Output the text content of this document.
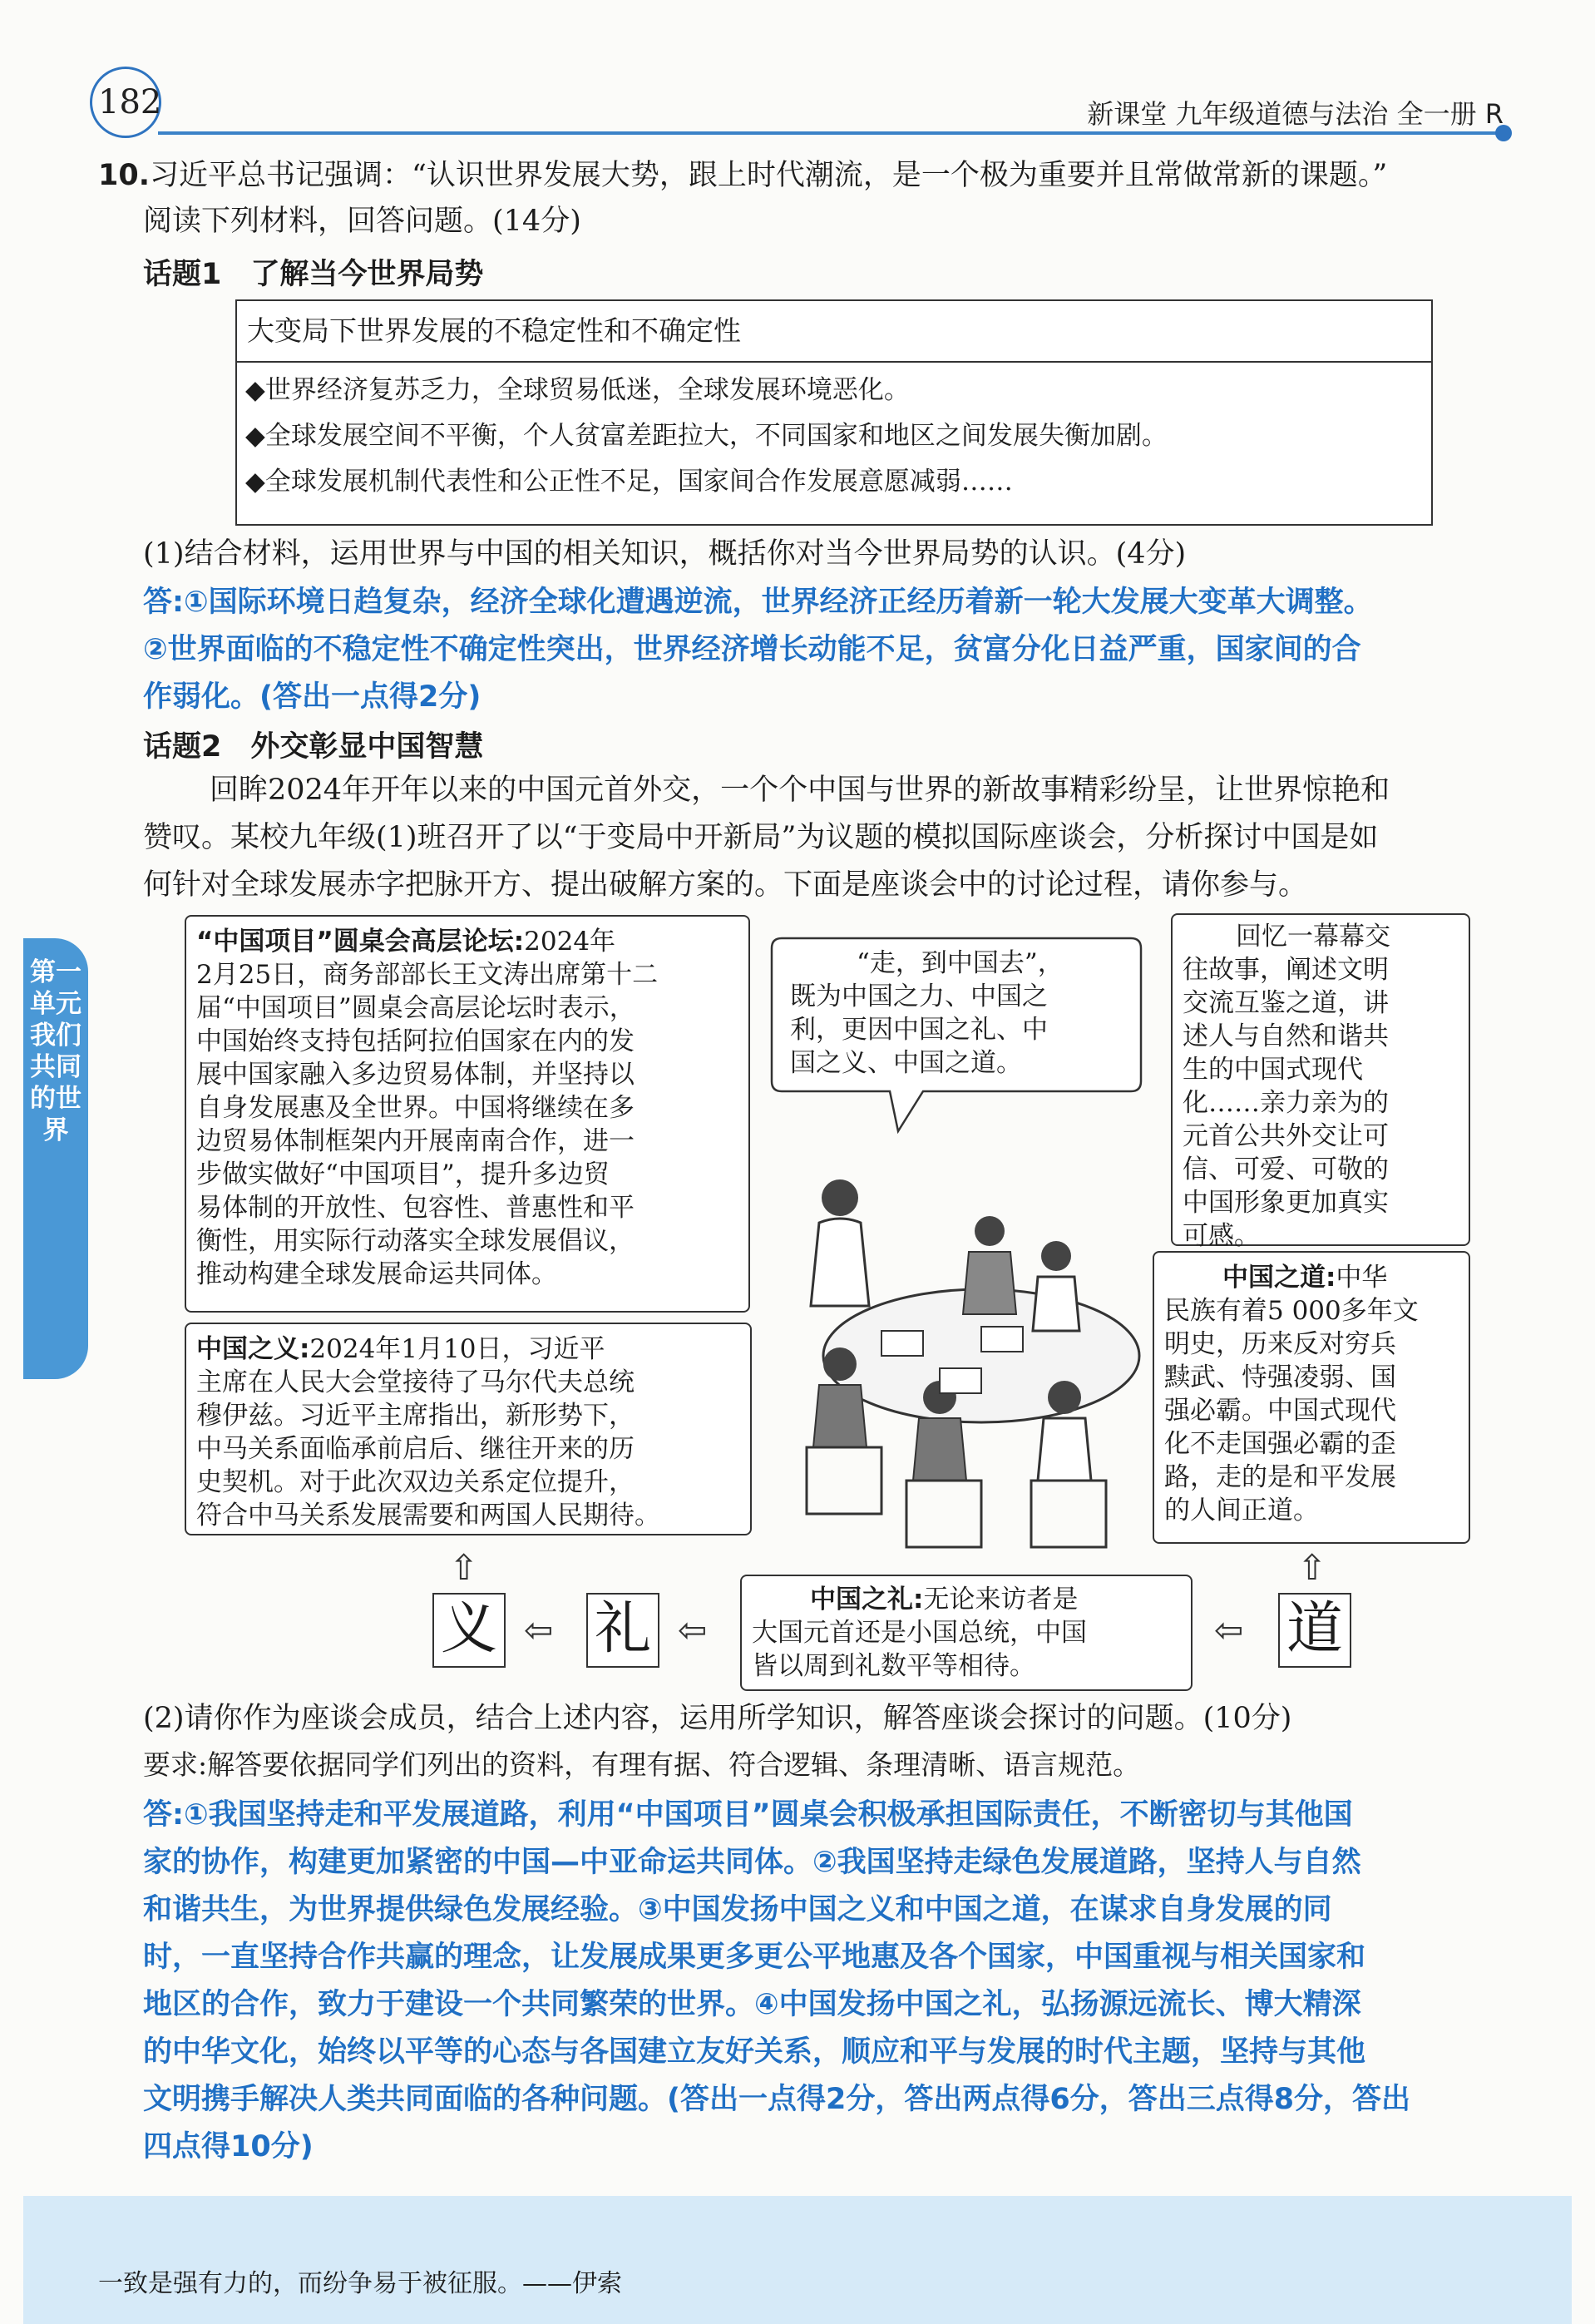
182	新课堂 九年级道德与法治 全一册 R
10.习近平总书记强调：“认识世界发展大势，跟上时代潮流，是一个极为重要并且常做常新的课题。”
阅读下列材料，回答问题。(14分)
话题1　了解当今世界局势
大变局下世界发展的不稳定性和不确定性
◆世界经济复苏乏力，全球贸易低迷，全球发展环境恶化。
◆全球发展空间不平衡，个人贫富差距拉大，不同国家和地区之间发展失衡加剧。
◆全球发展机制代表性和公正性不足，国家间合作发展意愿减弱……
(1)结合材料，运用世界与中国的相关知识，概括你对当今世界局势的认识。(4分)
答:①国际环境日趋复杂，经济全球化遭遇逆流，世界经济正经历着新一轮大发展大变革大调整。
②世界面临的不稳定性不确定性突出，世界经济增长动能不足，贫富分化日益严重，国家间的合
作弱化。(答出一点得2分)
话题2　外交彰显中国智慧
回眸2024年开年以来的中国元首外交，一个个中国与世界的新故事精彩纷呈，让世界惊艳和
赞叹。某校九年级(1)班召开了以“于变局中开新局”为议题的模拟国际座谈会，分析探讨中国是如
何针对全球发展赤字把脉开方、提出破解方案的。下面是座谈会中的讨论过程，请你参与。
第一单元 我们共同的世界
“中国项目”圆桌会高层论坛:2024年
2月25日，商务部部长王文涛出席第十二
届“中国项目”圆桌会高层论坛时表示，
中国始终支持包括阿拉伯国家在内的发
展中国家融入多边贸易体制，并坚持以
自身发展惠及全世界。中国将继续在多
边贸易体制框架内开展南南合作，进一
步做实做好“中国项目”，提升多边贸
易体制的开放性、包容性、普惠性和平
衡性，用实际行动落实全球发展倡议，
推动构建全球发展命运共同体。
“走，到中国去”，
既为中国之力、中国之
利，更因中国之礼、中
国之义、中国之道。
回忆一幕幕交
往故事，阐述文明
交流互鉴之道，讲
述人与自然和谐共
生的中国式现代
化……亲力亲为的
元首公共外交让可
信、可爱、可敬的
中国形象更加真实
可感。
中国之义:2024年1月10日，习近平
主席在人民大会堂接待了马尔代夫总统
穆伊兹。习近平主席指出，新形势下，
中马关系面临承前启后、继往开来的历
史契机。对于此次双边关系定位提升，
符合中马关系发展需要和两国人民期待。
中国之道:中华
民族有着5 000多年文
明史，历来反对穷兵
黩武、恃强凌弱、国
强必霸。中国式现代
化不走国强必霸的歪
路，走的是和平发展
的人间正道。
⇧	⇧
义 ⇦ 礼 ⇦
中国之礼:无论来访者是
大国元首还是小国总统，中国
皆以周到礼数平等相待。
⇦ 道
(2)请你作为座谈会成员，结合上述内容，运用所学知识，解答座谈会探讨的问题。(10分)
要求:解答要依据同学们列出的资料，有理有据、符合逻辑、条理清晰、语言规范。
答:①我国坚持走和平发展道路，利用“中国项目”圆桌会积极承担国际责任，不断密切与其他国
家的协作，构建更加紧密的中国—中亚命运共同体。②我国坚持走绿色发展道路，坚持人与自然
和谐共生，为世界提供绿色发展经验。③中国发扬中国之义和中国之道，在谋求自身发展的同
时，一直坚持合作共赢的理念，让发展成果更多更公平地惠及各个国家，中国重视与相关国家和
地区的合作，致力于建设一个共同繁荣的世界。④中国发扬中国之礼，弘扬源远流长、博大精深
的中华文化，始终以平等的心态与各国建立友好关系，顺应和平与发展的时代主题，坚持与其他
文明携手解决人类共同面临的各种问题。(答出一点得2分，答出两点得6分，答出三点得8分，答出
四点得10分)
一致是强有力的，而纷争易于被征服。——伊索
